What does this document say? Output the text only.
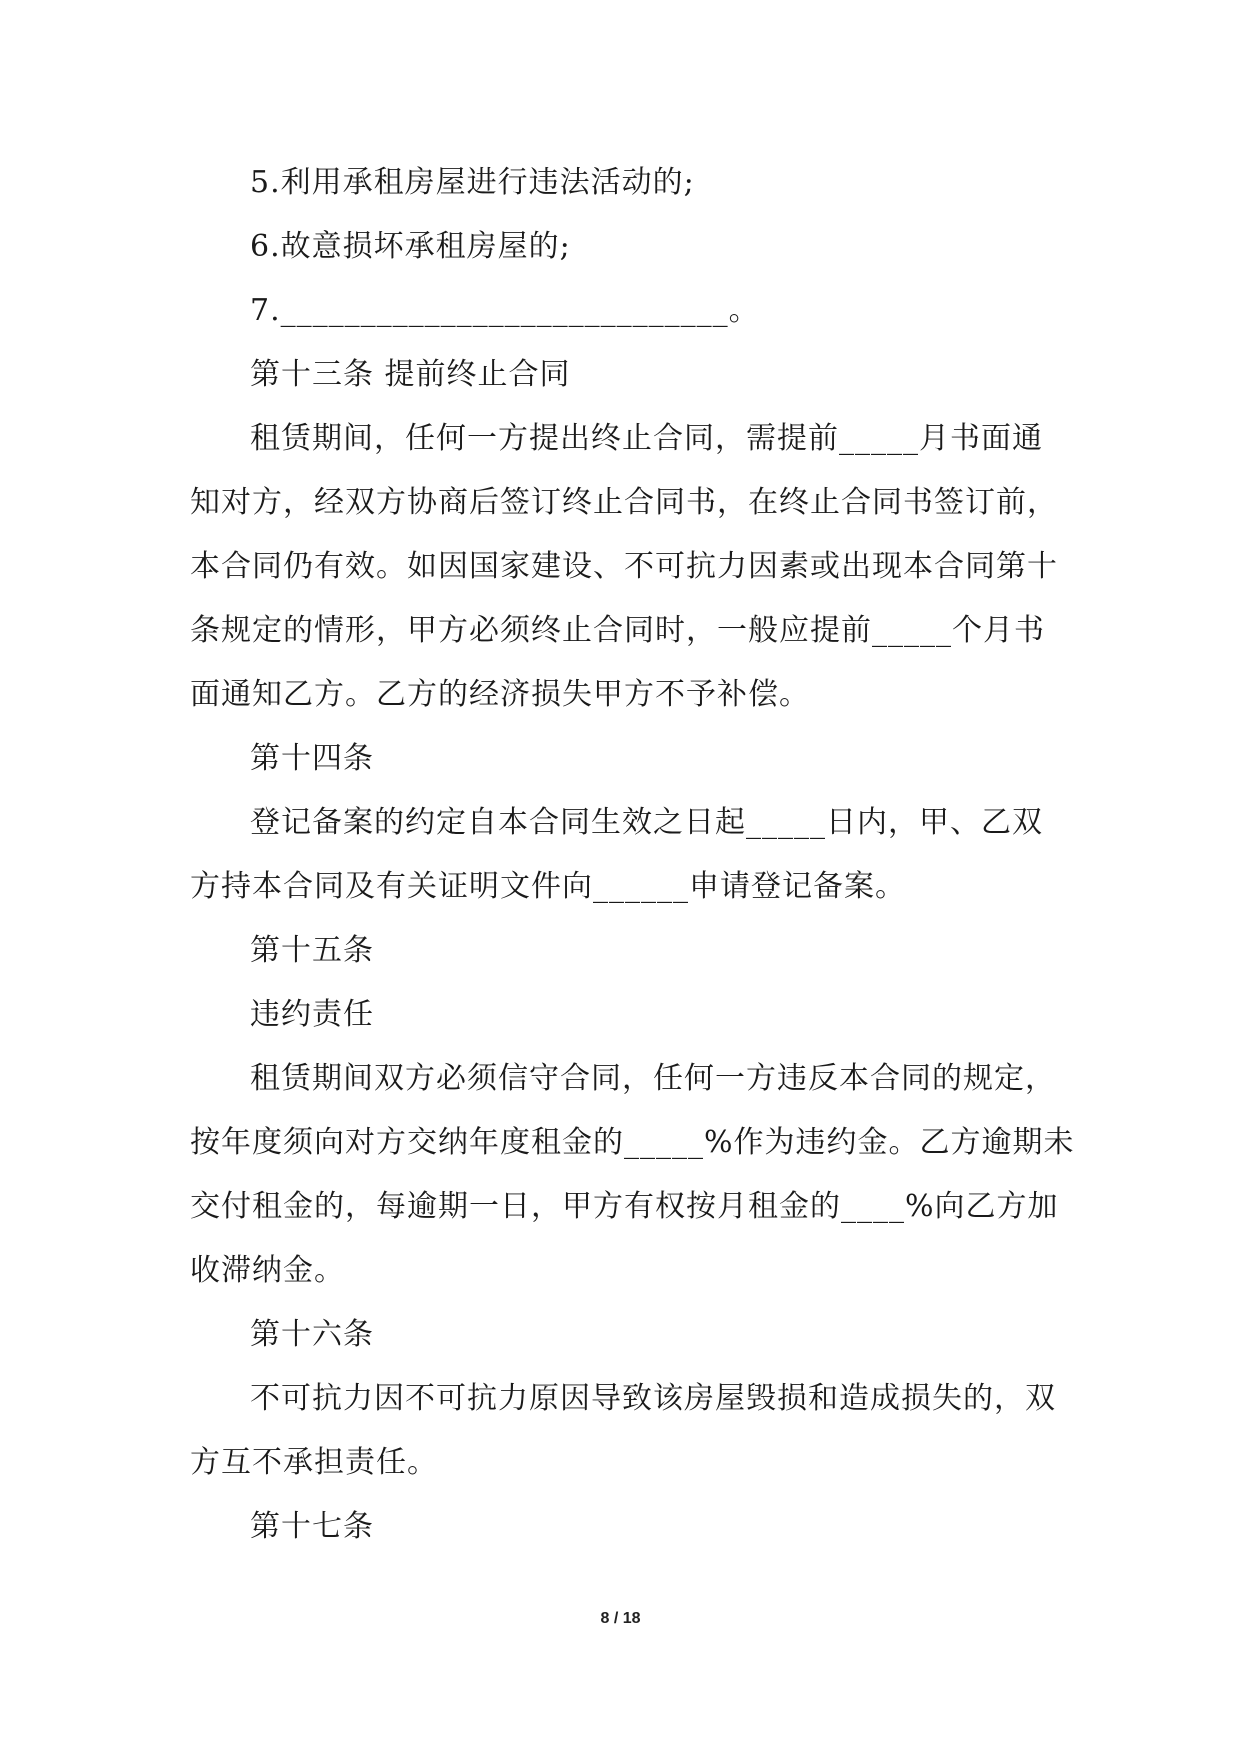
5.利用承租房屋进行违法活动的;
6.故意损坏承租房屋的;
7.____________________________。
第十三条 提前终止合同
租赁期间，任何一方提出终止合同，需提前_____月书面通
知对方，经双方协商后签订终止合同书，在终止合同书签订前，
本合同仍有效。如因国家建设、不可抗力因素或出现本合同第十
条规定的情形，甲方必须终止合同时，一般应提前_____个月书
面通知乙方。乙方的经济损失甲方不予补偿。
第十四条
登记备案的约定自本合同生效之日起_____日内，甲、乙双
方持本合同及有关证明文件向______申请登记备案。
第十五条
违约责任
租赁期间双方必须信守合同，任何一方违反本合同的规定，
按年度须向对方交纳年度租金的_____%作为违约金。乙方逾期未
交付租金的，每逾期一日，甲方有权按月租金的____%向乙方加
收滞纳金。
第十六条
不可抗力因不可抗力原因导致该房屋毁损和造成损失的，双
方互不承担责任。
第十七条
8 / 18
